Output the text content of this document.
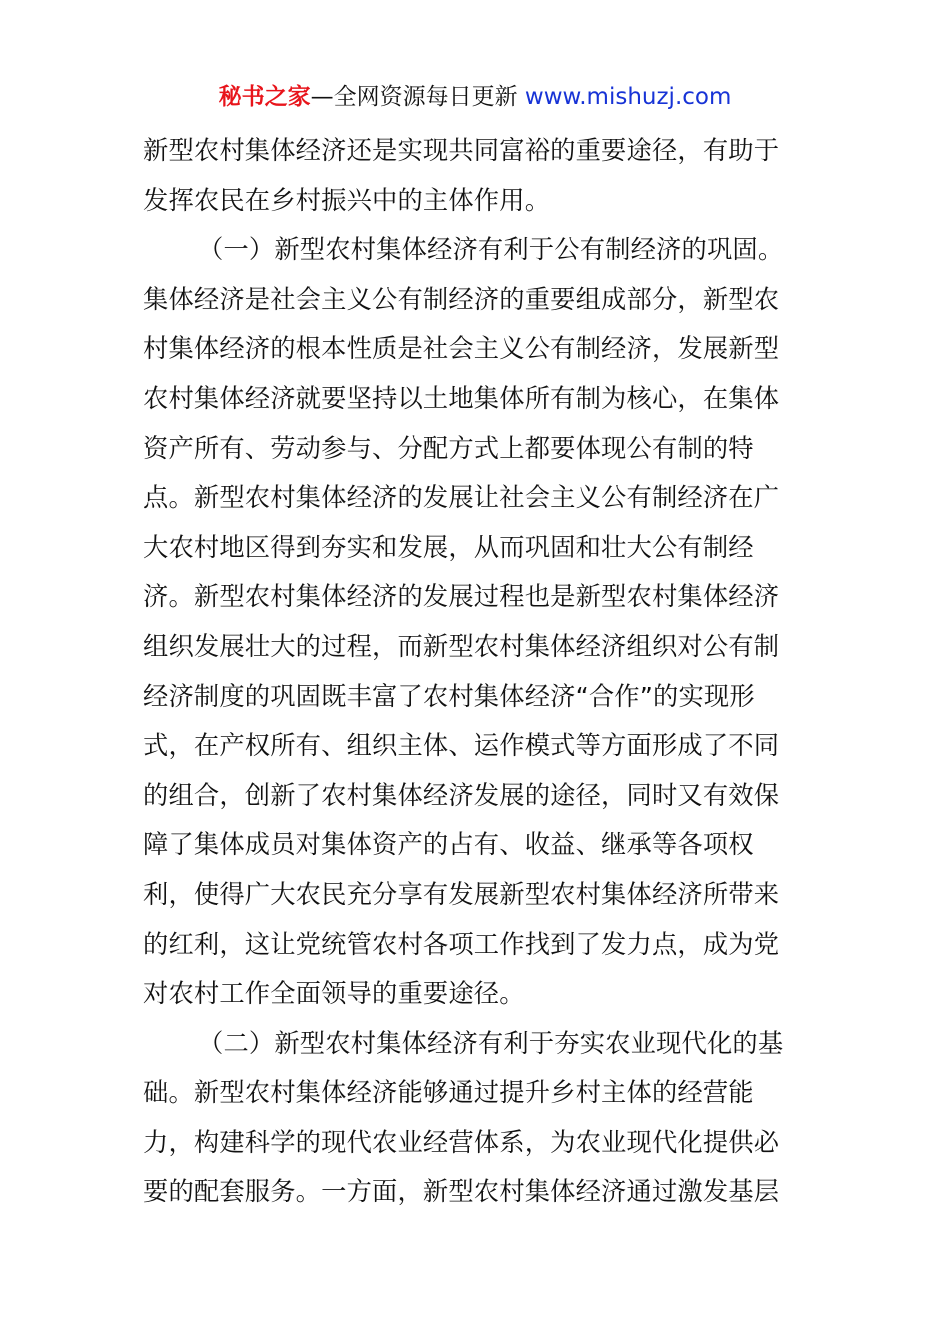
秘书之家—全网资源每日更新 www.mishuzj.com
新型农村集体经济还是实现共同富裕的重要途径，有助于
发挥农民在乡村振兴中的主体作用。
（一）新型农村集体经济有利于公有制经济的巩固。
集体经济是社会主义公有制经济的重要组成部分，新型农
村集体经济的根本性质是社会主义公有制经济，发展新型
农村集体经济就要坚持以土地集体所有制为核心，在集体
资产所有、劳动参与、分配方式上都要体现公有制的特
点。新型农村集体经济的发展让社会主义公有制经济在广
大农村地区得到夯实和发展，从而巩固和壮大公有制经
济。新型农村集体经济的发展过程也是新型农村集体经济
组织发展壮大的过程，而新型农村集体经济组织对公有制
经济制度的巩固既丰富了农村集体经济“合作”的实现形
式，在产权所有、组织主体、运作模式等方面形成了不同
的组合，创新了农村集体经济发展的途径，同时又有效保
障了集体成员对集体资产的占有、收益、继承等各项权
利，使得广大农民充分享有发展新型农村集体经济所带来
的红利，这让党统管农村各项工作找到了发力点，成为党
对农村工作全面领导的重要途径。
（二）新型农村集体经济有利于夯实农业现代化的基
础。新型农村集体经济能够通过提升乡村主体的经营能
力，构建科学的现代农业经营体系，为农业现代化提供必
要的配套服务。一方面，新型农村集体经济通过激发基层
